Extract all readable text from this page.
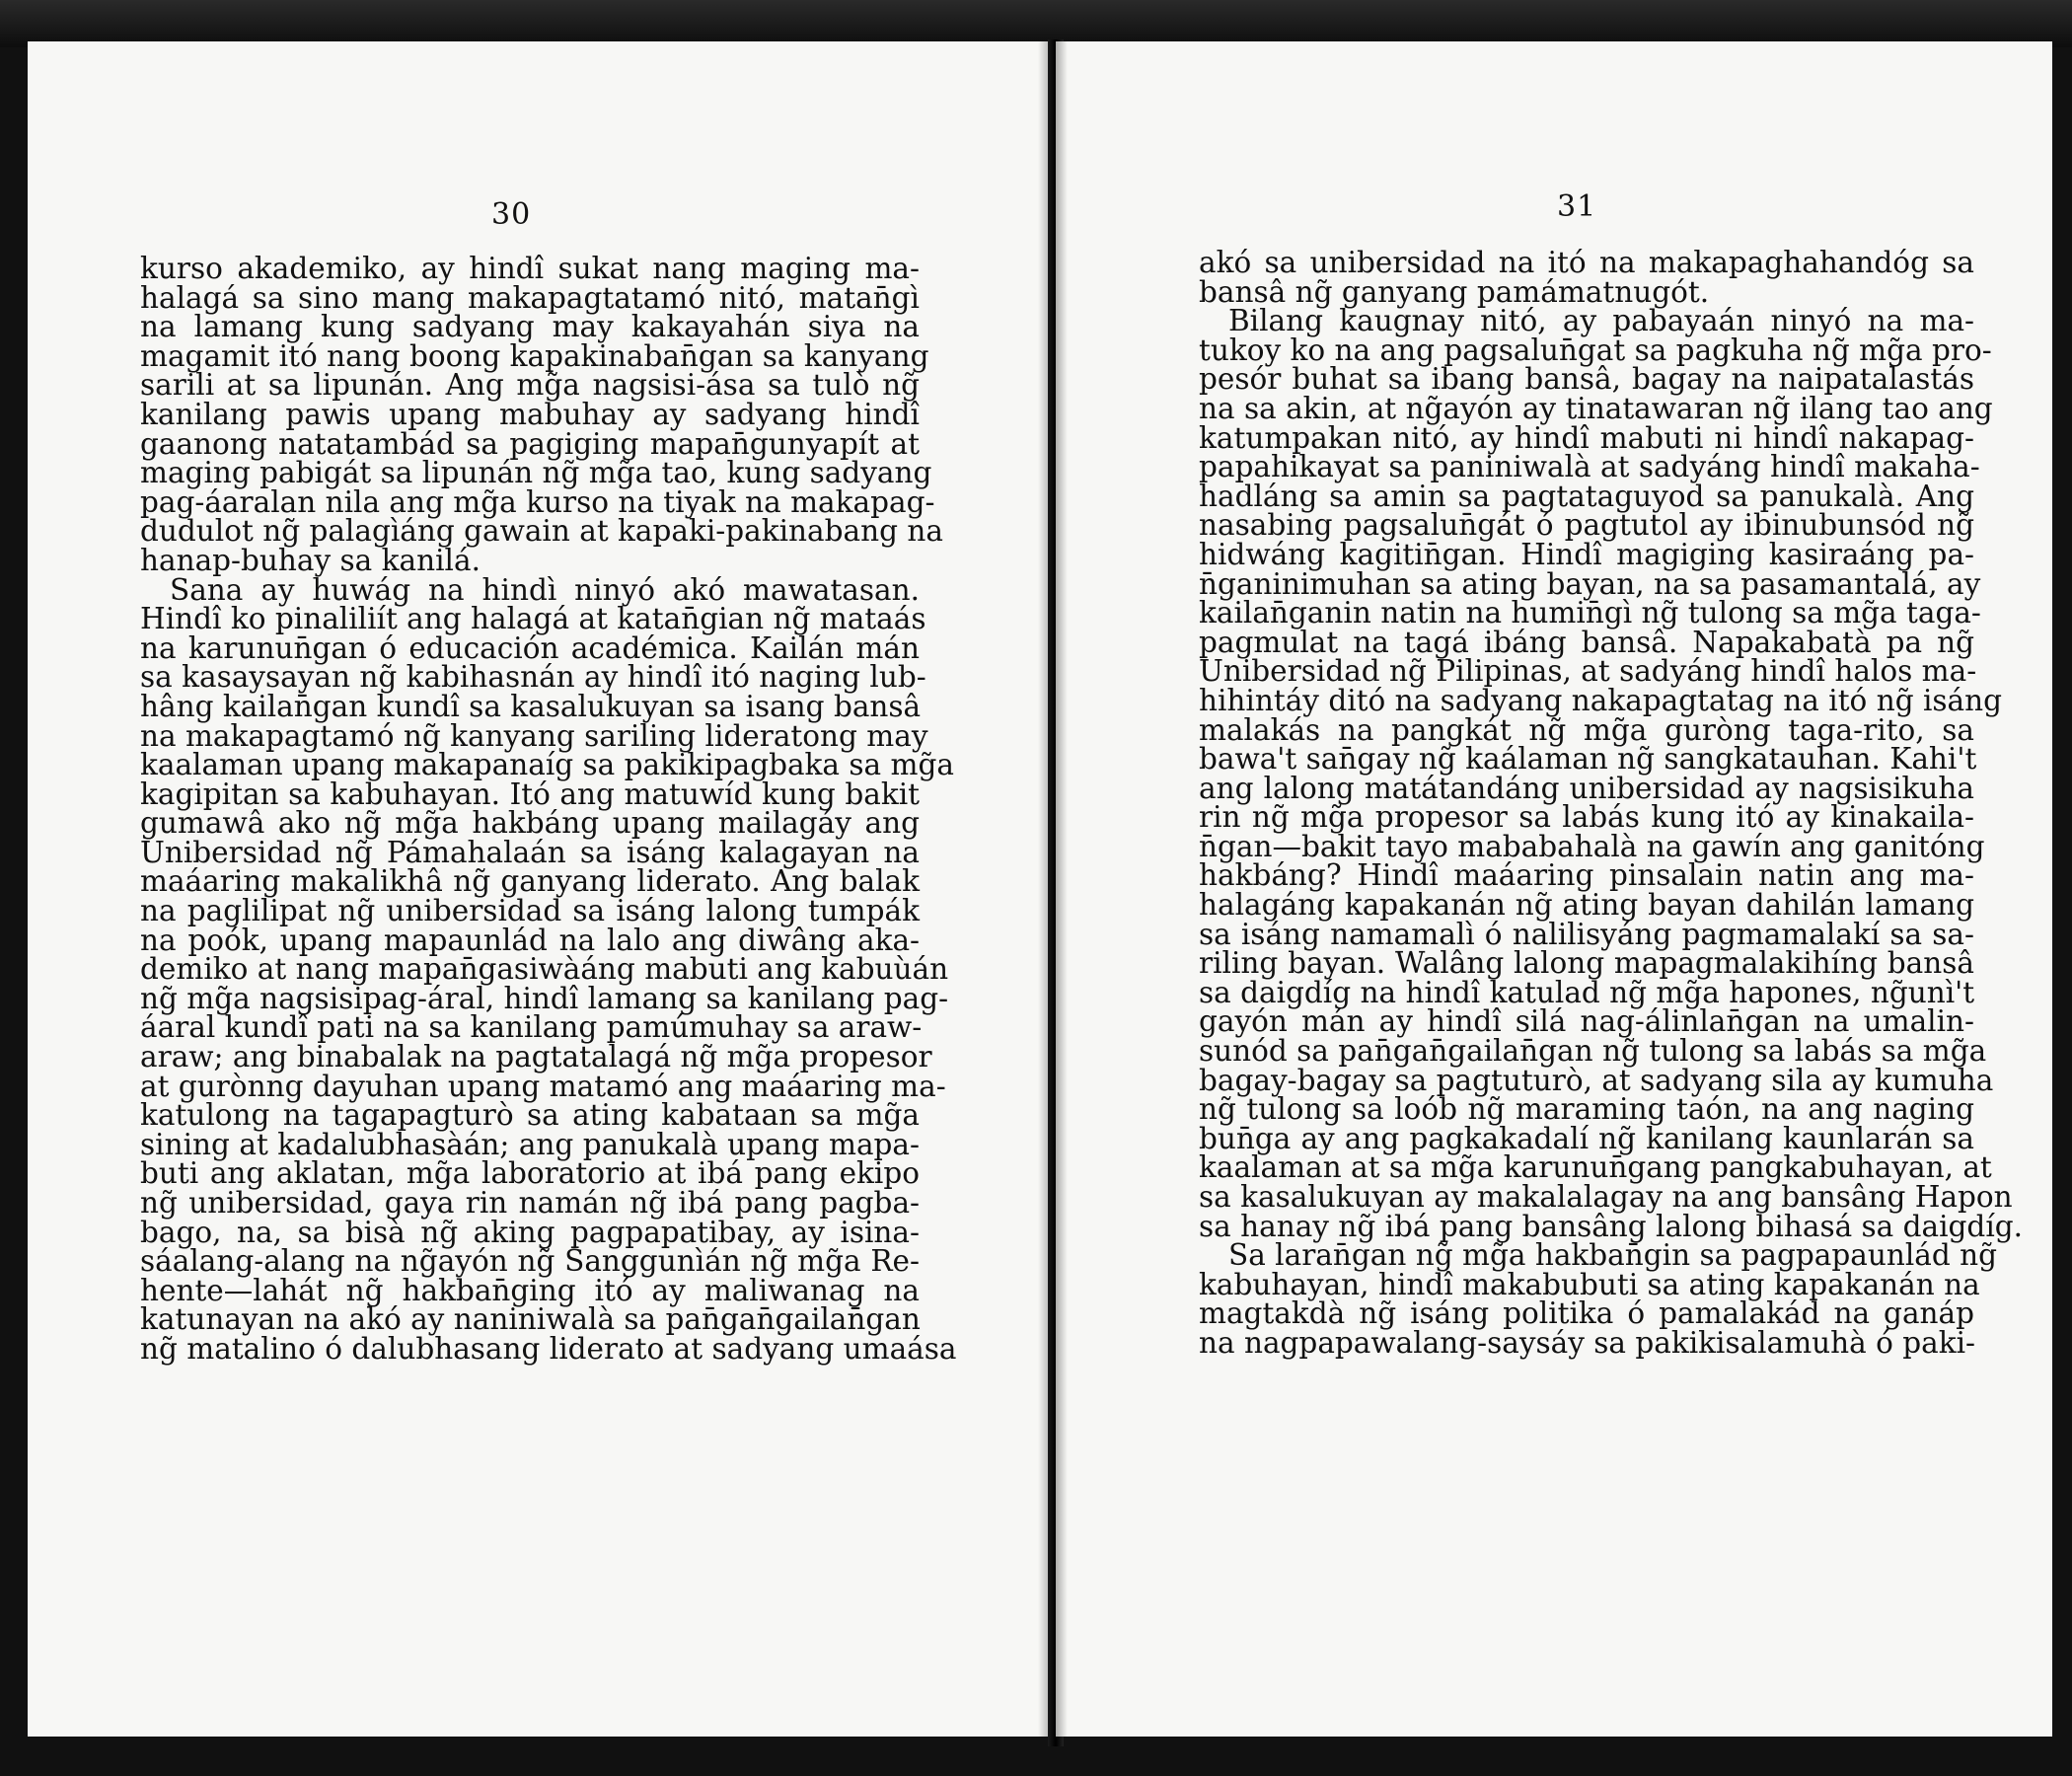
30
kurso akademiko, ay hindî sukat nang maging ma-
halagá sa sino mang makapagtatamó nitó, matan̄gì
na lamang kung sadyang may kakayahán siya na
magamit itó nang boong kapakinaban̄gan sa kanyang
sarili at sa lipunán. Ang mg̃a nagsisi-ása sa tulò ng̃
kanilang pawis upang mabuhay ay sadyang hindî
gaanong natatambád sa pagiging mapan̄gunyapít at
maging pabigát sa lipunán ng̃ mg̃a tao, kung sadyang
pag-áaralan nila ang mg̃a kurso na tiyak na makapag-
dudulot ng̃ palagìáng gawain at kapaki-pakinabang na
hanap-buhay sa kanilá.
Sana ay huwág na hindì ninyó akó mawatasan.
Hindî ko pinaliliít ang halagá at katan̄gian ng̃ mataás
na karunun̄gan ó educación académica. Kailán mán
sa kasaysayan ng̃ kabihasnán ay hindî itó naging lub-
hâng kailan̄gan kundî sa kasalukuyan sa isang bansâ
na makapagtamó ng̃ kanyang sariling lideratong may
kaalaman upang makapanaíg sa pakikipagbaka sa mg̃a
kagipitan sa kabuhayan. Itó ang matuwíd kung bakit
gumawâ ako ng̃ mg̃a hakbáng upang mailagáy ang
Unibersidad ng̃ Pámahalaán sa isáng kalagayan na
maáaring makalikhâ ng̃ ganyang liderato. Ang balak
na paglilipat ng̃ unibersidad sa isáng lalong tumpák
na poók, upang mapaunlád na lalo ang diwâng aka-
demiko at nang mapan̄gasiwàáng mabuti ang kabuùán
ng̃ mg̃a nagsisipag-áral, hindî lamang sa kanilang pag-
áaral kundî pati na sa kanilang pamúmuhay sa araw-
araw; ang binabalak na pagtatalagá ng̃ mg̃a propesor
at gurònng dayuhan upang matamó ang maáaring ma-
katulong na tagapagturò sa ating kabataan sa mg̃a
sining at kadalubhasàán; ang panukalà upang mapa-
buti ang aklatan, mg̃a laboratorio at ibá pang ekipo
ng̃ unibersidad, gaya rin namán ng̃ ibá pang pagba-
bago, na, sa bisà ng̃ aking pagpapatibay, ay isina-
sáalang-alang na ng̃ayón ng̃ Sanggunìán ng̃ mg̃a Re-
hente—lahát ng̃ hakban̄ging itó ay maliwanag na
katunayan na akó ay naniniwalà sa pan̄gan̄gailan̄gan
ng̃ matalino ó dalubhasang liderato at sadyang umaása
31
akó sa unibersidad na itó na makapaghahandóg sa
bansâ ng̃ ganyang pamámatnugót.
Bilang kaugnay nitó, ay pabayaán ninyó na ma-
tukoy ko na ang pagsalun̄gat sa pagkuha ng̃ mg̃a pro-
pesór buhat sa ibang bansâ, bagay na naipatalastás
na sa akin, at ng̃ayón ay tinatawaran ng̃ ilang tao ang
katumpakan nitó, ay hindî mabuti ni hindî nakapag-
papahikayat sa paniniwalà at sadyáng hindî makaha-
hadláng sa amin sa pagtataguyod sa panukalà. Ang
nasabing pagsalun̄gát ó pagtutol ay ibinubunsód ng̃
hidwáng kagitin̄gan. Hindî magiging kasiraáng pa-
n̄ganinimuhan sa ating bayan, na sa pasamantalá, ay
kailan̄ganin natin na humin̄gì ng̃ tulong sa mg̃a taga-
pagmulat na tagá ibáng bansâ. Napakabatà pa ng̃
Unibersidad ng̃ Pilipinas, at sadyáng hindî halos ma-
hihintáy ditó na sadyang nakapagtatag na itó ng̃ isáng
malakás na pangkát ng̃ mg̃a guròng taga-rito, sa
bawa't san̄gay ng̃ kaálaman ng̃ sangkatauhan. Kahi't
ang lalong matátandáng unibersidad ay nagsisikuha
rin ng̃ mg̃a propesor sa labás kung itó ay kinakaila-
n̄gan—bakit tayo mababahalà na gawín ang ganitóng
hakbáng? Hindî maáaring pinsalain natin ang ma-
halagáng kapakanán ng̃ ating bayan dahilán lamang
sa isáng namamalì ó nalilisyáng pagmamalakí sa sa-
riling bayan. Walâng lalong mapagmalakihíng bansâ
sa daigdíg na hindî katulad ng̃ mg̃a hapones, ng̃unì't
gayón mán ay hindî silá nag-álinlan̄gan na umalin-
sunód sa pan̄gan̄gailan̄gan ng̃ tulong sa labás sa mg̃a
bagay-bagay sa pagtuturò, at sadyang sila ay kumuha
ng̃ tulong sa loób ng̃ maraming taón, na ang naging
bun̄ga ay ang pagkakadalí ng̃ kanilang kaunlarán sa
kaalaman at sa mg̃a karunun̄gang pangkabuhayan, at
sa kasalukuyan ay makalalagay na ang bansâng Hapon
sa hanay ng̃ ibá pang bansâng lalong bihasá sa daigdíg.
Sa laran̄gan ng̃ mg̃a hakban̄gin sa pagpapaunlád ng̃
kabuhayan, hindî makabubuti sa ating kapakanán na
magtakdà ng̃ isáng politika ó pamalakád na ganáp
na nagpapawalang-saysáy sa pakikisalamuhà ó paki-
